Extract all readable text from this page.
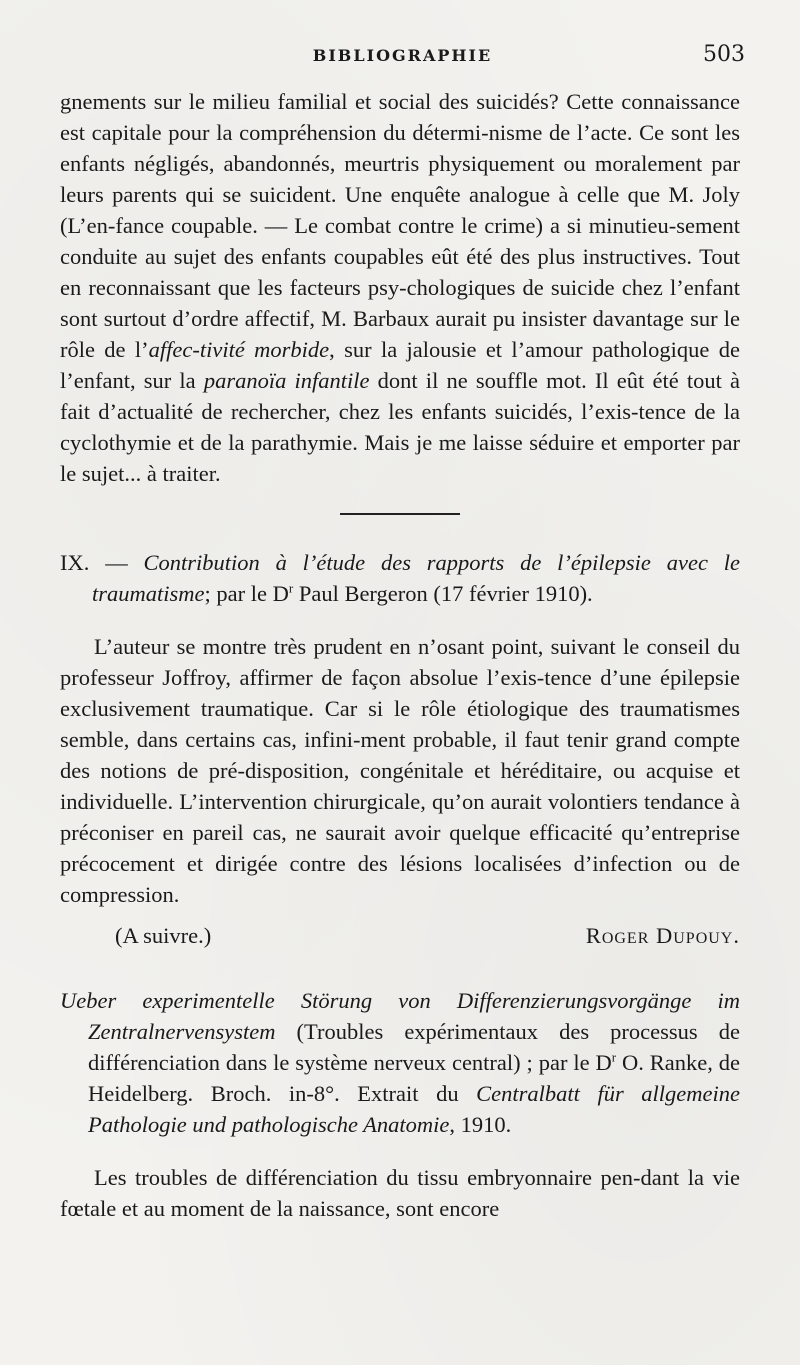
BIBLIOGRAPHIE	503

gnements sur le milieu familial et social des suicidés? Cette connaissance est capitale pour la compréhension du détermi-nisme de l’acte. Ce sont les enfants négligés, abandonnés, meurtris physiquement ou moralement par leurs parents qui se suicident. Une enquête analogue à celle que M. Joly (L’en-fance coupable. — Le combat contre le crime) a si minutieu-sement conduite au sujet des enfants coupables eût été des plus instructives. Tout en reconnaissant que les facteurs psy-chologiques de suicide chez l’enfant sont surtout d’ordre affectif, M. Barbaux aurait pu insister davantage sur le rôle de l’affec-tivité morbide, sur la jalousie et l’amour pathologique de l’enfant, sur la paranoïa infantile dont il ne souffle mot. Il eût été tout à fait d’actualité de rechercher, chez les enfants suicidés, l’exis-tence de la cyclothymie et de la parathymie. Mais je me laisse séduire et emporter par le sujet... à traiter.

IX. — Contribution à l’étude des rapports de l’épilepsie avec le traumatisme; par le $D^r$ Paul Bergeron (17 février 1910).

L’auteur se montre très prudent en n’osant point, suivant le conseil du professeur Joffroy, affirmer de façon absolue l’exis-tence d’une épilepsie exclusivement traumatique. Car si le rôle étiologique des traumatismes semble, dans certains cas, infini-ment probable, il faut tenir grand compte des notions de pré-disposition, congénitale et héréditaire, ou acquise et individuelle. L’intervention chirurgicale, qu’on aurait volontiers tendance à préconiser en pareil cas, ne saurait avoir quelque efficacité qu’entreprise précocement et dirigée contre des lésions localisées d’infection ou de compression.

(A suivre.)	Roger Dupouy.

Ueber experimentelle Störung von Differenzierungsvorgänge im Zentralnervensystem (Troubles expérimentaux des processus de différenciation dans le système nerveux central) ; par le $D^r$ O. Ranke, de Heidelberg. Broch. in-8°. Extrait du Centralbatt für allgemeine Pathologie und pathologische Anatomie, 1910.

Les troubles de différenciation du tissu embryonnaire pen-dant la vie fœtale et au moment de la naissance, sont encore
